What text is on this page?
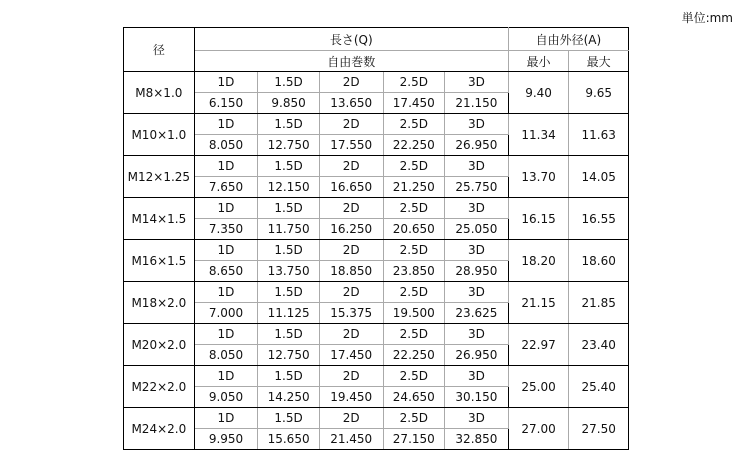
単位:mm
径	長さ(Q)					自由外径(A)	
	自由巻数					最小	最大
M8×1.0	1D	1.5D	2D	2.5D	3D	9.40	9.65
	6.150	9.850	13.650	17.450	21.150		
M10×1.0	1D	1.5D	2D	2.5D	3D	11.34	11.63
	8.050	12.750	17.550	22.250	26.950		
M12×1.25	1D	1.5D	2D	2.5D	3D	13.70	14.05
	7.650	12.150	16.650	21.250	25.750		
M14×1.5	1D	1.5D	2D	2.5D	3D	16.15	16.55
	7.350	11.750	16.250	20.650	25.050		
M16×1.5	1D	1.5D	2D	2.5D	3D	18.20	18.60
	8.650	13.750	18.850	23.850	28.950		
M18×2.0	1D	1.5D	2D	2.5D	3D	21.15	21.85
	7.000	11.125	15.375	19.500	23.625		
M20×2.0	1D	1.5D	2D	2.5D	3D	22.97	23.40
	8.050	12.750	17.450	22.250	26.950		
M22×2.0	1D	1.5D	2D	2.5D	3D	25.00	25.40
	9.050	14.250	19.450	24.650	30.150		
M24×2.0	1D	1.5D	2D	2.5D	3D	27.00	27.50
	9.950	15.650	21.450	27.150	32.850		
